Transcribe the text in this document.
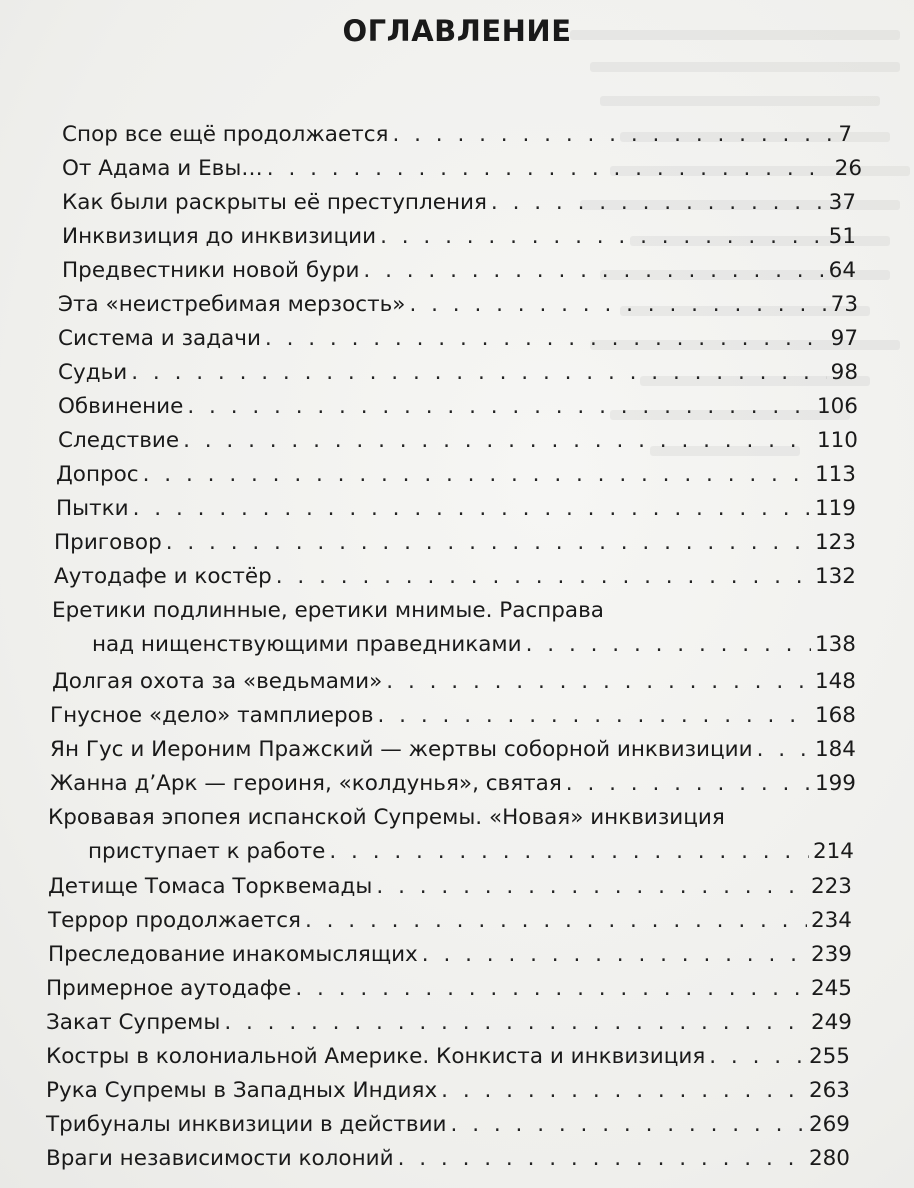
ОГЛАВЛЕНИЕ
Спор все ещё продолжается . . .	7
От Адама и Евы… . . .	26
Как были раскрыты её преступления . . .	37
Инквизиция до инквизиции . . .	51
Предвестники новой бури . . .	64
Эта «неистребимая мерзость» . . .	73
Система и задачи . . .	97
Судьи . . .	98
Обвинение . . .	106
Следствие . . .	110
Допрос . . .	113
Пытки . . .	119
Приговор . . .	123
Аутодафе и костёр . . .	132
Еретики подлинные, еретики мнимые. Расправа
над нищенствующими праведниками . . .	138
Долгая охота за «ведьмами» . . .	148
Гнусное «дело» тамплиеров . . .	168
Ян Гус и Иероним Пражский — жертвы соборной инквизиции . . .	184
Жанна д’Арк — героиня, «колдунья», святая . . .	199
Кровавая эпопея испанской Супремы. «Новая» инквизиция
приступает к работе . . .	214
Детище Томаса Торквемады . . .	223
Террор продолжается . . .	234
Преследование инакомыслящих . . .	239
Примерное аутодафе . . .	245
Закат Супремы . . .	249
Костры в колониальной Америке. Конкиста и инквизиция . . .	255
Рука Супремы в Западных Индиях . . .	263
Трибуналы инквизиции в действии . . .	269
Враги независимости колоний . . .	280
